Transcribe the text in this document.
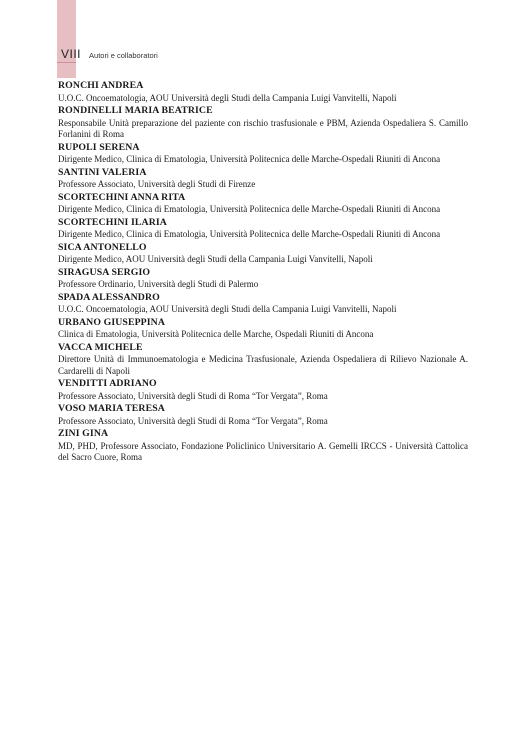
VIII Autori e collaboratori
RONCHI ANDREA
U.O.C. Oncoematologia, AOU Università degli Studi della Campania Luigi Vanvitelli, Napoli
RONDINELLI MARIA BEATRICE
Responsabile Unità preparazione del paziente con rischio trasfusionale e PBM, Azienda Ospedaliera S. Camillo Forlanini di Roma
RUPOLI SERENA
Dirigente Medico, Clinica di Ematologia, Università Politecnica delle Marche-Ospedali Riuniti di Ancona
SANTINI VALERIA
Professore Associato, Università degli Studi di Firenze
SCORTECHINI ANNA RITA
Dirigente Medico, Clinica di Ematologia, Università Politecnica delle Marche-Ospedali Riuniti di Ancona
SCORTECHINI ILARIA
Dirigente Medico, Clinica di Ematologia, Università Politecnica delle Marche-Ospedali Riuniti di Ancona
SICA ANTONELLO
Dirigente Medico, AOU Università degli Studi della Campania Luigi Vanvitelli, Napoli
SIRAGUSA SERGIO
Professore Ordinario, Università degli Studi di Palermo
SPADA ALESSANDRO
U.O.C. Oncoematologia, AOU Università degli Studi della Campania Luigi Vanvitelli, Napoli
URBANO GIUSEPPINA
Clinica di Ematologia, Università Politecnica delle Marche, Ospedali Riuniti di Ancona
VACCA MICHELE
Direttore Unità di Immunoematologia e Medicina Trasfusionale, Azienda Ospedaliera di Rilievo Nazionale A. Cardarelli di Napoli
VENDITTI ADRIANO
Professore Associato, Università degli Studi di Roma “Tor Vergata”, Roma
VOSO MARIA TERESA
Professore Associato, Università degli Studi di Roma “Tor Vergata”, Roma
ZINI GINA
MD, PHD, Professore Associato, Fondazione Policlinico Universitario A. Gemelli IRCCS - Università Cattolica del Sacro Cuore, Roma
